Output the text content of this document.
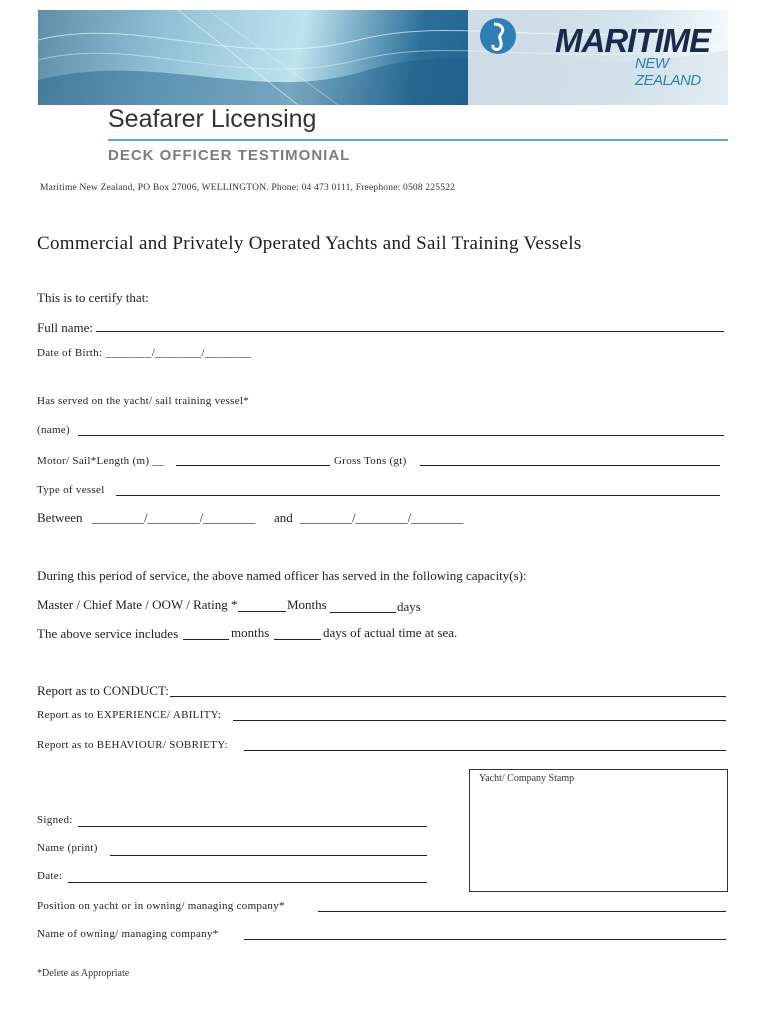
MARITIME
NEW ZEALAND
Seafarer Licensing
DECK OFFICER TESTIMONIAL
Maritime New Zealand, PO Box 27006, WELLINGTON. Phone: 04 473 0111, Freephone: 0508 225522
Commercial and Privately Operated Yachts and Sail Training Vessels
This is to certify that:
Full name:
Date of Birth: ________/________/________
Has served on the yacht/ sail training vessel*
(name)
Motor/ Sail*Length (m) __	Gross Tons (gt)
Type of vessel
Between ________/________/________ and ________/________/________
During this period of service, the above named officer has served in the following capacity(s):
Master / Chief Mate / OOW / Rating *	Months	days
The above service includes	months	days of actual time at sea.
Report as to CONDUCT:
Report as to EXPERIENCE/ ABILITY:
Report as to BEHAVIOUR/ SOBRIETY:
Yacht/ Company Stamp
Signed:
Name (print)
Date:
Position on yacht or in owning/ managing company*
Name of owning/ managing company*
*Delete as Appropriate
